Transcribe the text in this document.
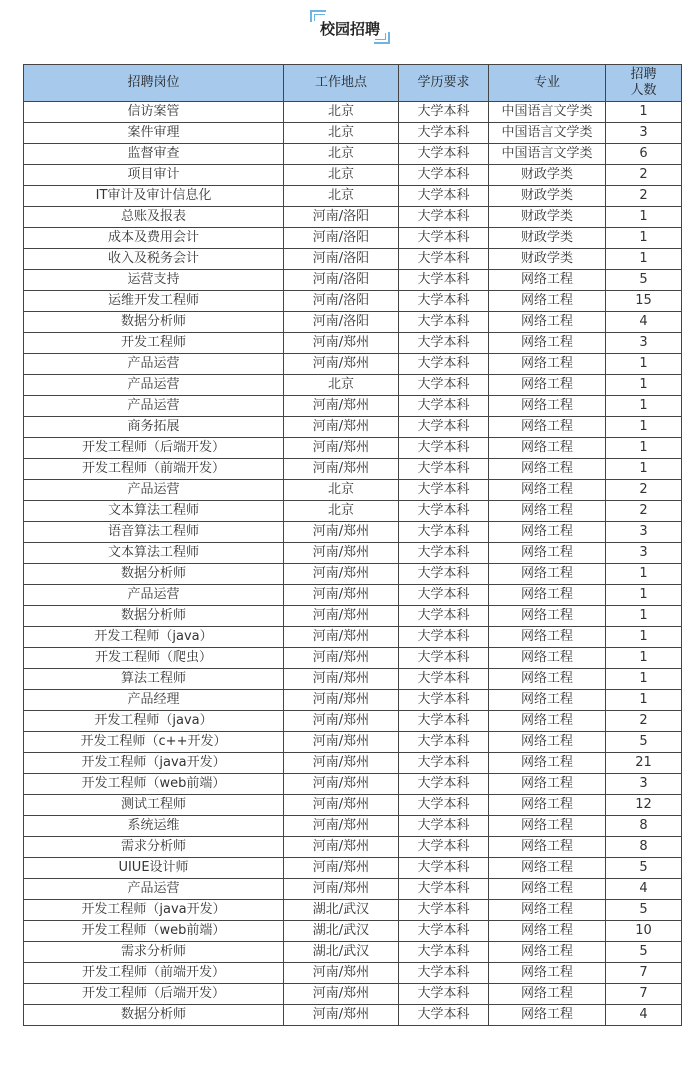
校园招聘
招聘岗位	工作地点	学历要求	专业	招聘
人数
信访案管	北京	大学本科	中国语言文学类	1
案件审理	北京	大学本科	中国语言文学类	3
监督审查	北京	大学本科	中国语言文学类	6
项目审计	北京	大学本科	财政学类	2
IT审计及审计信息化	北京	大学本科	财政学类	2
总账及报表	河南/洛阳	大学本科	财政学类	1
成本及费用会计	河南/洛阳	大学本科	财政学类	1
收入及税务会计	河南/洛阳	大学本科	财政学类	1
运营支持	河南/洛阳	大学本科	网络工程	5
运维开发工程师	河南/洛阳	大学本科	网络工程	15
数据分析师	河南/洛阳	大学本科	网络工程	4
开发工程师	河南/郑州	大学本科	网络工程	3
产品运营	河南/郑州	大学本科	网络工程	1
产品运营	北京	大学本科	网络工程	1
产品运营	河南/郑州	大学本科	网络工程	1
商务拓展	河南/郑州	大学本科	网络工程	1
开发工程师（后端开发）	河南/郑州	大学本科	网络工程	1
开发工程师（前端开发）	河南/郑州	大学本科	网络工程	1
产品运营	北京	大学本科	网络工程	2
文本算法工程师	北京	大学本科	网络工程	2
语音算法工程师	河南/郑州	大学本科	网络工程	3
文本算法工程师	河南/郑州	大学本科	网络工程	3
数据分析师	河南/郑州	大学本科	网络工程	1
产品运营	河南/郑州	大学本科	网络工程	1
数据分析师	河南/郑州	大学本科	网络工程	1
开发工程师（java）	河南/郑州	大学本科	网络工程	1
开发工程师（爬虫）	河南/郑州	大学本科	网络工程	1
算法工程师	河南/郑州	大学本科	网络工程	1
产品经理	河南/郑州	大学本科	网络工程	1
开发工程师（java）	河南/郑州	大学本科	网络工程	2
开发工程师（c++开发）	河南/郑州	大学本科	网络工程	5
开发工程师（java开发）	河南/郑州	大学本科	网络工程	21
开发工程师（web前端）	河南/郑州	大学本科	网络工程	3
测试工程师	河南/郑州	大学本科	网络工程	12
系统运维	河南/郑州	大学本科	网络工程	8
需求分析师	河南/郑州	大学本科	网络工程	8
UIUE设计师	河南/郑州	大学本科	网络工程	5
产品运营	河南/郑州	大学本科	网络工程	4
开发工程师（java开发）	湖北/武汉	大学本科	网络工程	5
开发工程师（web前端）	湖北/武汉	大学本科	网络工程	10
需求分析师	湖北/武汉	大学本科	网络工程	5
开发工程师（前端开发）	河南/郑州	大学本科	网络工程	7
开发工程师（后端开发）	河南/郑州	大学本科	网络工程	7
数据分析师	河南/郑州	大学本科	网络工程	4
